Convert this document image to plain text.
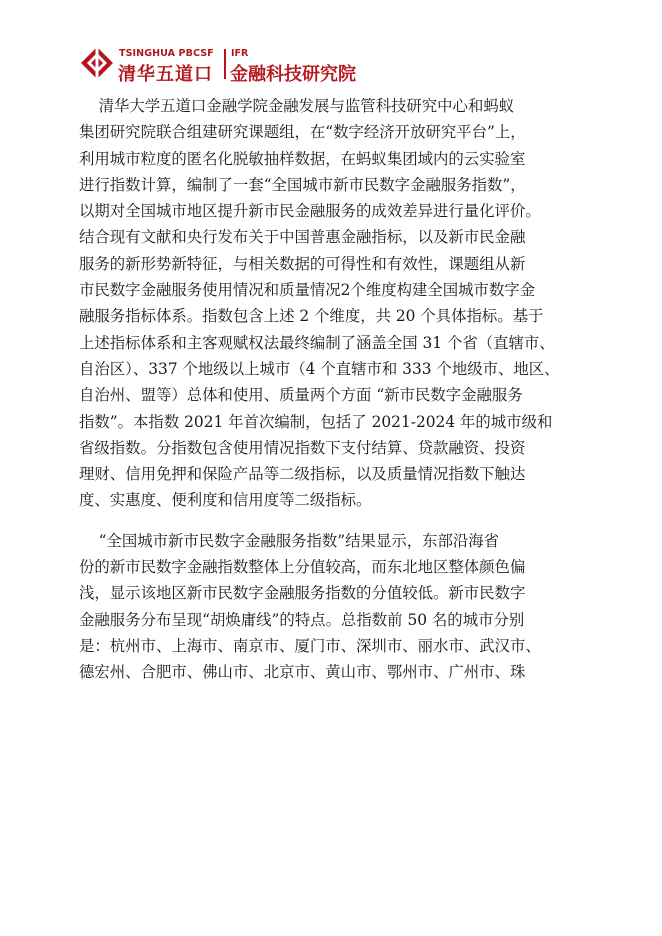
TSINGHUA PBCSF
清华五道口
IFR
金融科技研究院

清华大学五道口金融学院金融发展与监管科技研究中心和蚂蚁

集团研究院联合组建研究课题组，在“数字经济开放研究平台”上，

利用城市粒度的匿名化脱敏抽样数据，在蚂蚁集团域内的云实验室

进行指数计算，编制了一套“全国城市新市民数字金融服务指数”，

以期对全国城市地区提升新市民金融服务的成效差异进行量化评价。

结合现有文献和央行发布关于中国普惠金融指标，以及新市民金融

服务的新形势新特征，与相关数据的可得性和有效性，课题组从新

市民数字金融服务使用情况和质量情况2个维度构建全国城市数字金

融服务指标体系。指数包含上述 2 个维度，共 20 个具体指标。基于

上述指标体系和主客观赋权法最终编制了涵盖全国 31 个省（直辖市、

自治区）、337 个地级以上城市（4 个直辖市和 333 个地级市、地区、

自治州、盟等）总体和使用、质量两个方面 “新市民数字金融服务

指数”。本指数 2021 年首次编制，包括了 2021-2024 年的城市级和

省级指数。分指数包含使用情况指数下支付结算、贷款融资、投资

理财、信用免押和保险产品等二级指标，以及质量情况指数下触达

度、实惠度、便利度和信用度等二级指标。

“全国城市新市民数字金融服务指数”结果显示，东部沿海省

份的新市民数字金融指数整体上分值较高，而东北地区整体颜色偏

浅，显示该地区新市民数字金融服务指数的分值较低。新市民数字

金融服务分布呈现“胡焕庸线”的特点。总指数前 50 名的城市分别

是：杭州市、上海市、南京市、厦门市、深圳市、丽水市、武汉市、

德宏州、合肥市、佛山市、北京市、黄山市、鄂州市、广州市、珠
